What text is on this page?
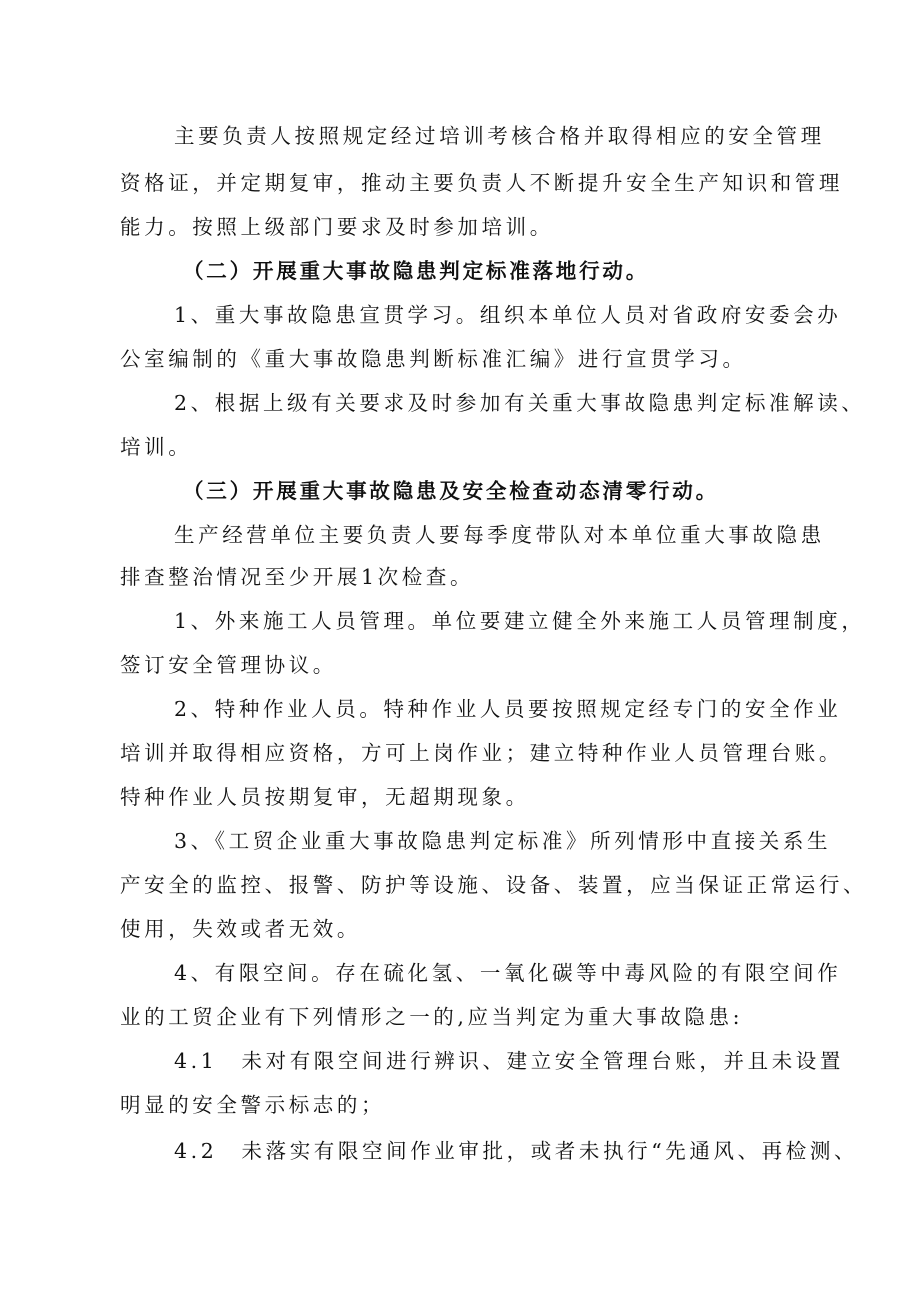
主要负责人按照规定经过培训考核合格并取得相应的安全管理
资格证，并定期复审，推动主要负责人不断提升安全生产知识和管理
能力。按照上级部门要求及时参加培训。
（二）开展重大事故隐患判定标准落地行动。
1、重大事故隐患宣贯学习。组织本单位人员对省政府安委会办
公室编制的《重大事故隐患判断标准汇编》进行宣贯学习。
2、根据上级有关要求及时参加有关重大事故隐患判定标准解读、
培训。
（三）开展重大事故隐患及安全检查动态清零行动。
生产经营单位主要负责人要每季度带队对本单位重大事故隐患
排查整治情况至少开展1次检查。
1、外来施工人员管理。单位要建立健全外来施工人员管理制度，
签订安全管理协议。
2、特种作业人员。特种作业人员要按照规定经专门的安全作业
培训并取得相应资格，方可上岗作业；建立特种作业人员管理台账。
特种作业人员按期复审，无超期现象。
3、《工贸企业重大事故隐患判定标准》所列情形中直接关系生
产安全的监控、报警、防护等设施、设备、装置，应当保证正常运行、
使用，失效或者无效。
4、有限空间。存在硫化氢、一氧化碳等中毒风险的有限空间作
业的工贸企业有下列情形之一的,应当判定为重大事故隐患:
4.1　未对有限空间进行辨识、建立安全管理台账，并且未设置
明显的安全警示标志的；
4.2　未落实有限空间作业审批，或者未执行“先通风、再检测、
